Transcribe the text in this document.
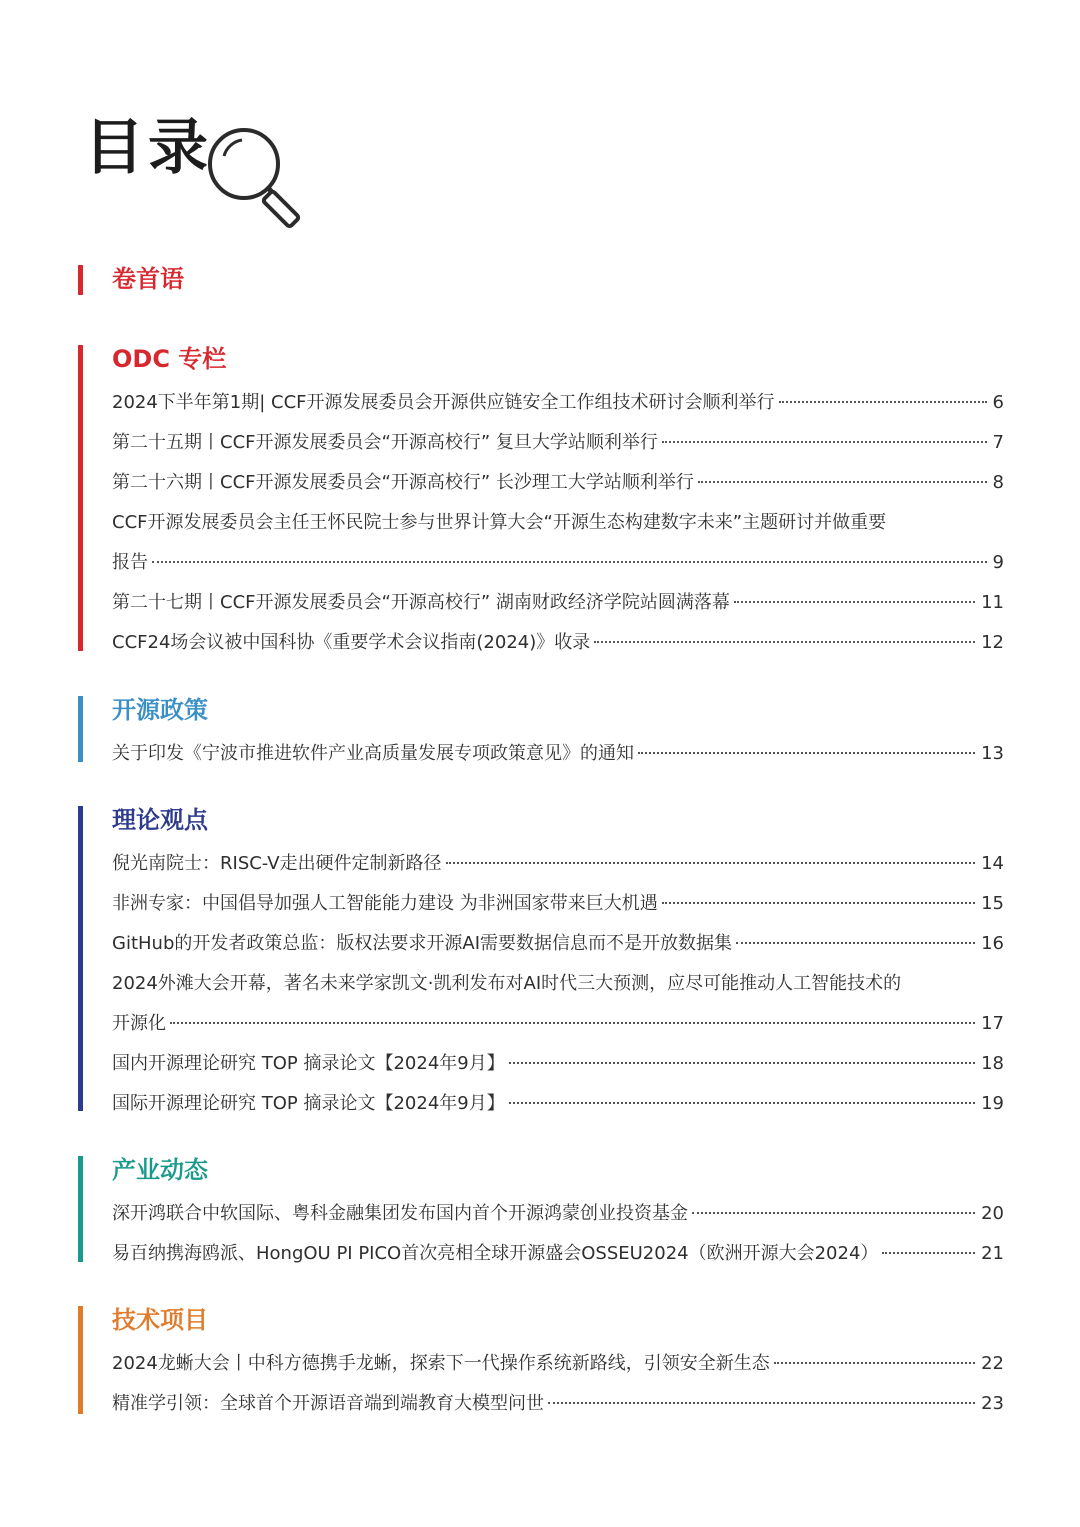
目录
卷首语
ODC 专栏
2024下半年第1期| CCF开源发展委员会开源供应链安全工作组技术研讨会顺利举行	6
第二十五期丨CCF开源发展委员会“开源高校行” 复旦大学站顺利举行	7
第二十六期丨CCF开源发展委员会“开源高校行” 长沙理工大学站顺利举行	8
CCF开源发展委员会主任王怀民院士参与世界计算大会“开源生态构建数字未来”主题研讨并做重要
报告	9
第二十七期丨CCF开源发展委员会“开源高校行” 湖南财政经济学院站圆满落幕	11
CCF24场会议被中国科协《重要学术会议指南(2024)》收录	12
开源政策
关于印发《宁波市推进软件产业高质量发展专项政策意见》的通知	13
理论观点
倪光南院士：RISC-V走出硬件定制新路径	14
非洲专家：中国倡导加强人工智能能力建设 为非洲国家带来巨大机遇	15
GitHub的开发者政策总监：版权法要求开源AI需要数据信息而不是开放数据集	16
2024外滩大会开幕，著名未来学家凯文·凯利发布对AI时代三大预测，应尽可能推动人工智能技术的
开源化	17
国内开源理论研究 TOP 摘录论文【2024年9月】	18
国际开源理论研究 TOP 摘录论文【2024年9月】	19
产业动态
深开鸿联合中软国际、粤科金融集团发布国内首个开源鸿蒙创业投资基金	20
易百纳携海鸥派、HongOU PI PICO首次亮相全球开源盛会OSSEU2024（欧洲开源大会2024）	21
技术项目
2024龙蜥大会丨中科方德携手龙蜥，探索下一代操作系统新路线，引领安全新生态	22
精准学引领：全球首个开源语音端到端教育大模型问世	23
